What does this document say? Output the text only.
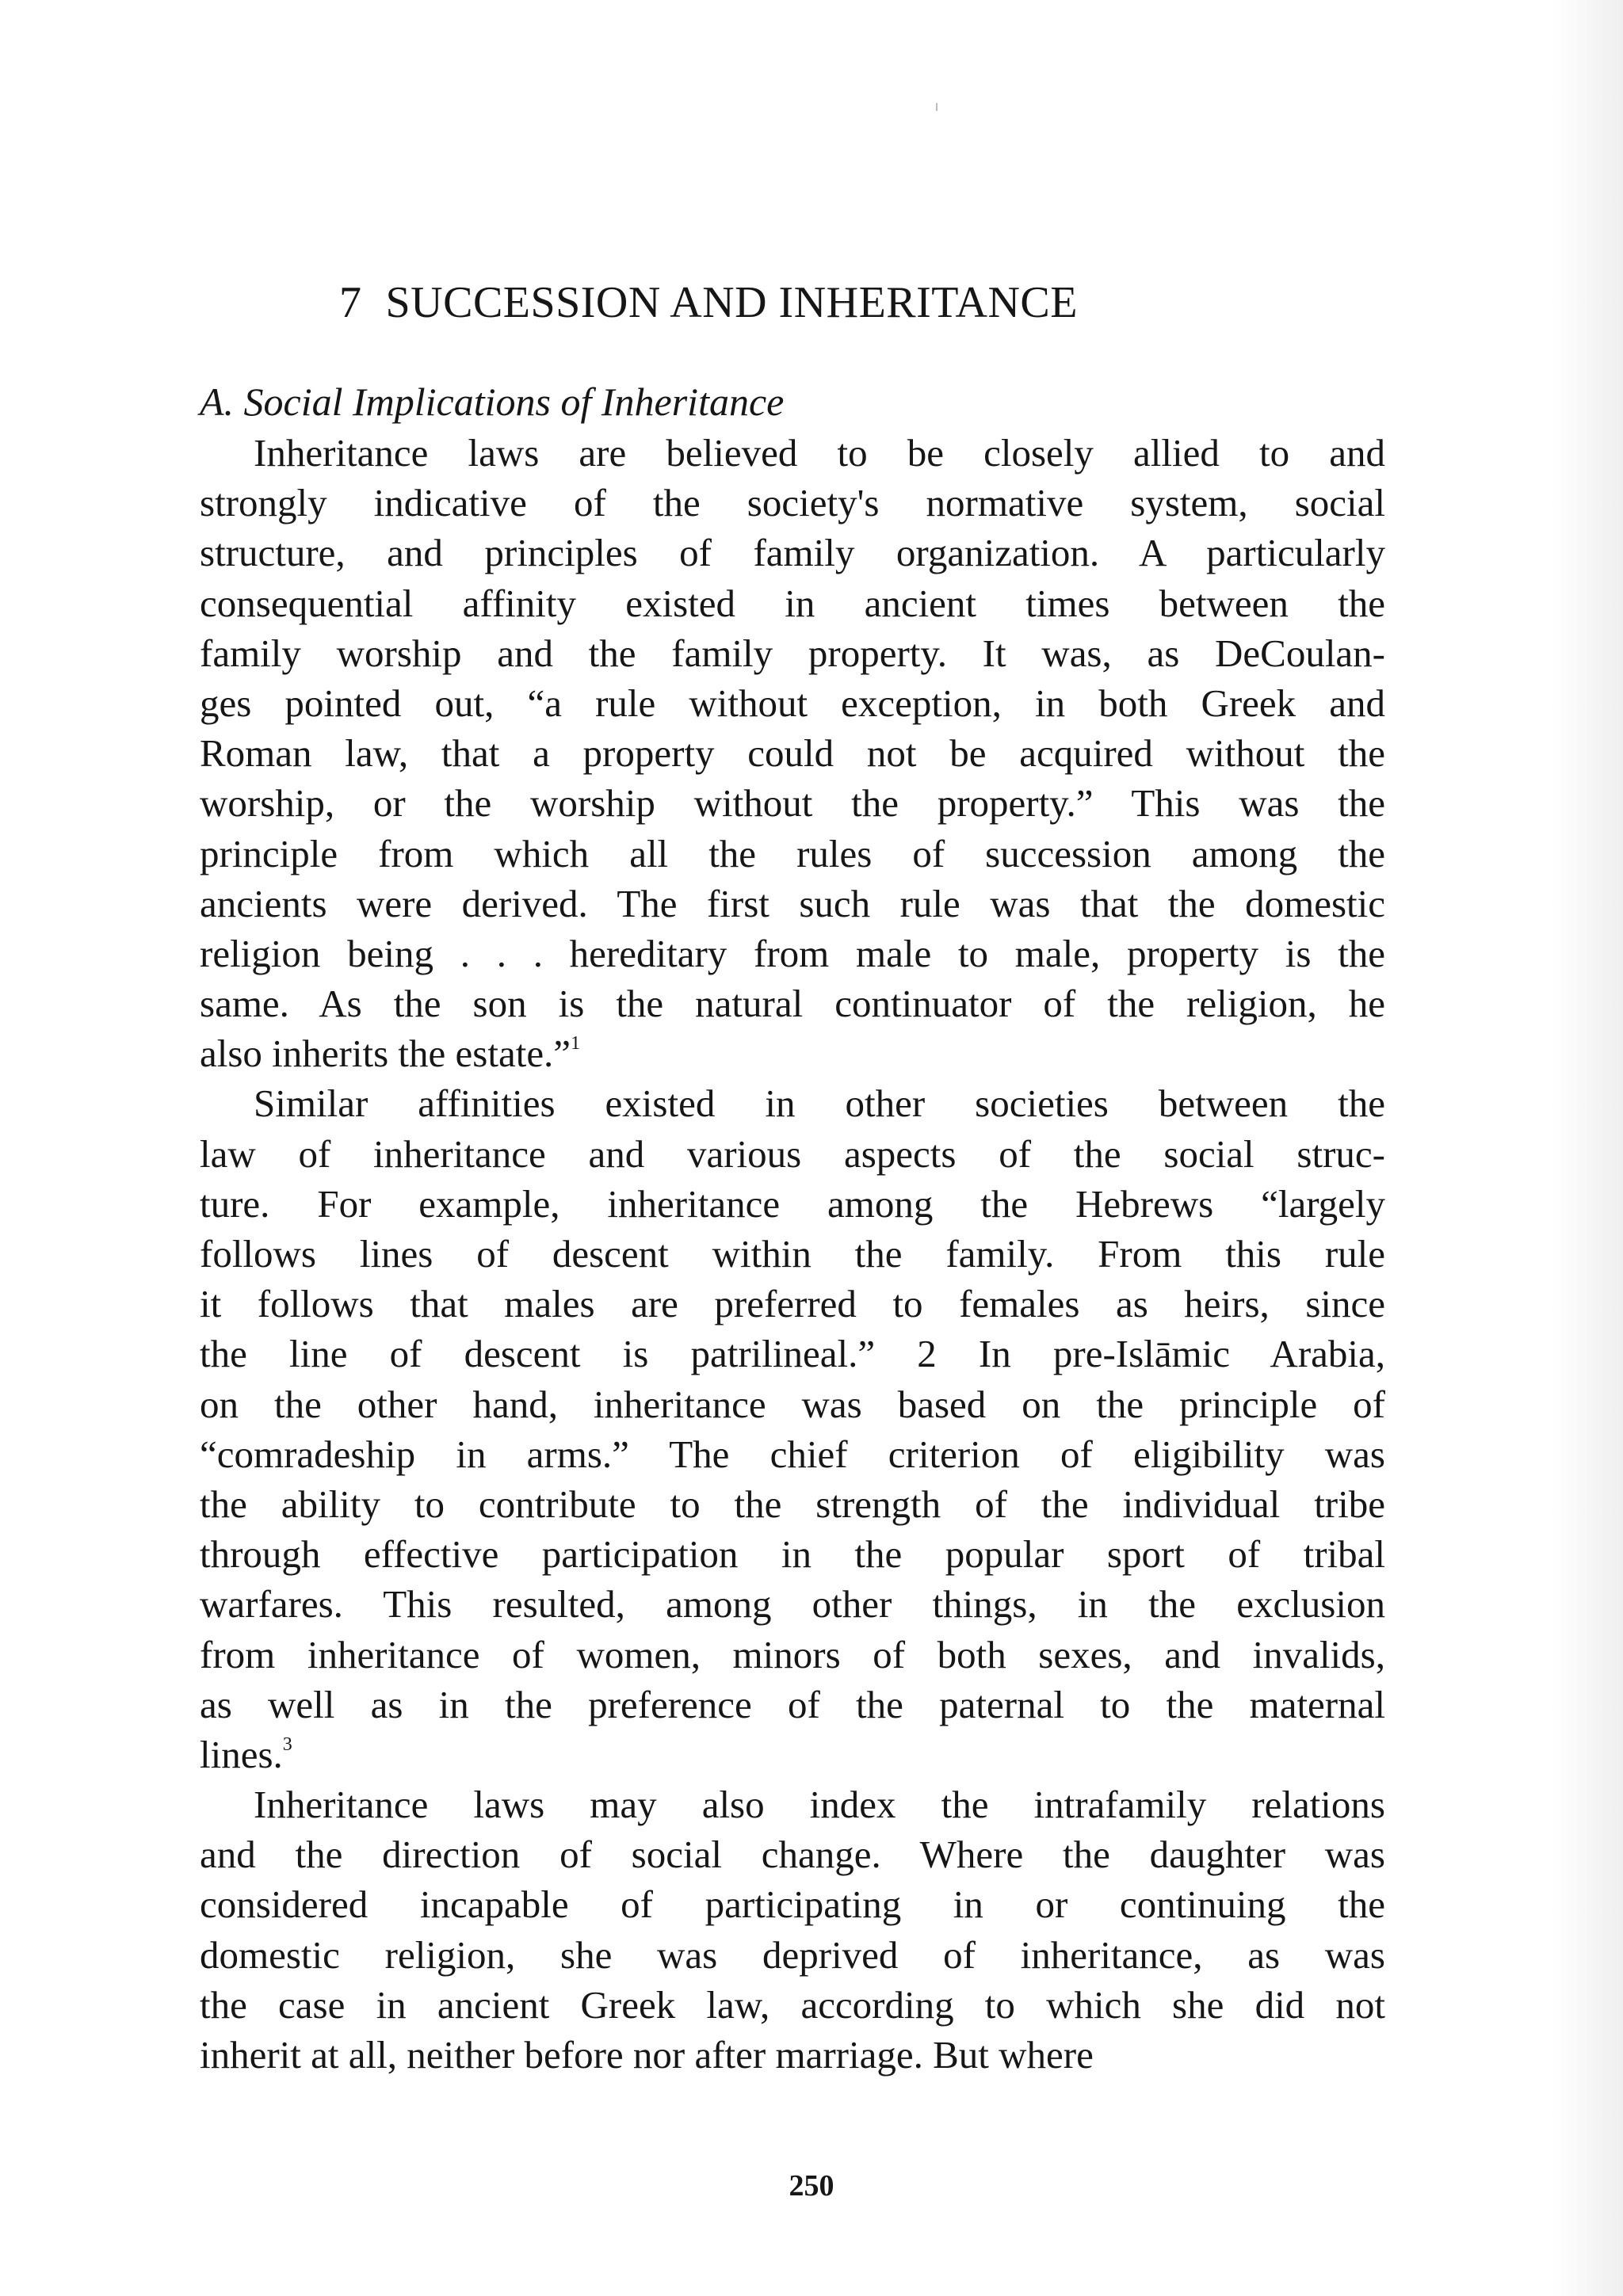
7 SUCCESSION AND INHERITANCE
A. Social Implications of Inheritance
Inheritance laws are believed to be closely allied to and
strongly indicative of the society's normative system, social
structure, and principles of family organization. A particularly
consequential affinity existed in ancient times between the
family worship and the family property. It was, as DeCoulan-
ges pointed out, “a rule without exception, in both Greek and
Roman law, that a property could not be acquired without the
worship, or the worship without the property.” This was the
principle from which all the rules of succession among the
ancients were derived. The first such rule was that the domestic
religion being . . . hereditary from male to male, property is the
same. As the son is the natural continuator of the religion, he
also inherits the estate.”$^1$
Similar affinities existed in other societies between the
law of inheritance and various aspects of the social struc-
ture. For example, inheritance among the Hebrews “largely
follows lines of descent within the family. From this rule
it follows that males are preferred to females as heirs, since
the line of descent is patrilineal.” 2 In pre-Islāmic Arabia,
on the other hand, inheritance was based on the principle of
“comradeship in arms.” The chief criterion of eligibility was
the ability to contribute to the strength of the individual tribe
through effective participation in the popular sport of tribal
warfares. This resulted, among other things, in the exclusion
from inheritance of women, minors of both sexes, and invalids,
as well as in the preference of the paternal to the maternal
lines.$^3$
Inheritance laws may also index the intrafamily relations
and the direction of social change. Where the daughter was
considered incapable of participating in or continuing the
domestic religion, she was deprived of inheritance, as was
the case in ancient Greek law, according to which she did not
inherit at all, neither before nor after marriage. But where
250
